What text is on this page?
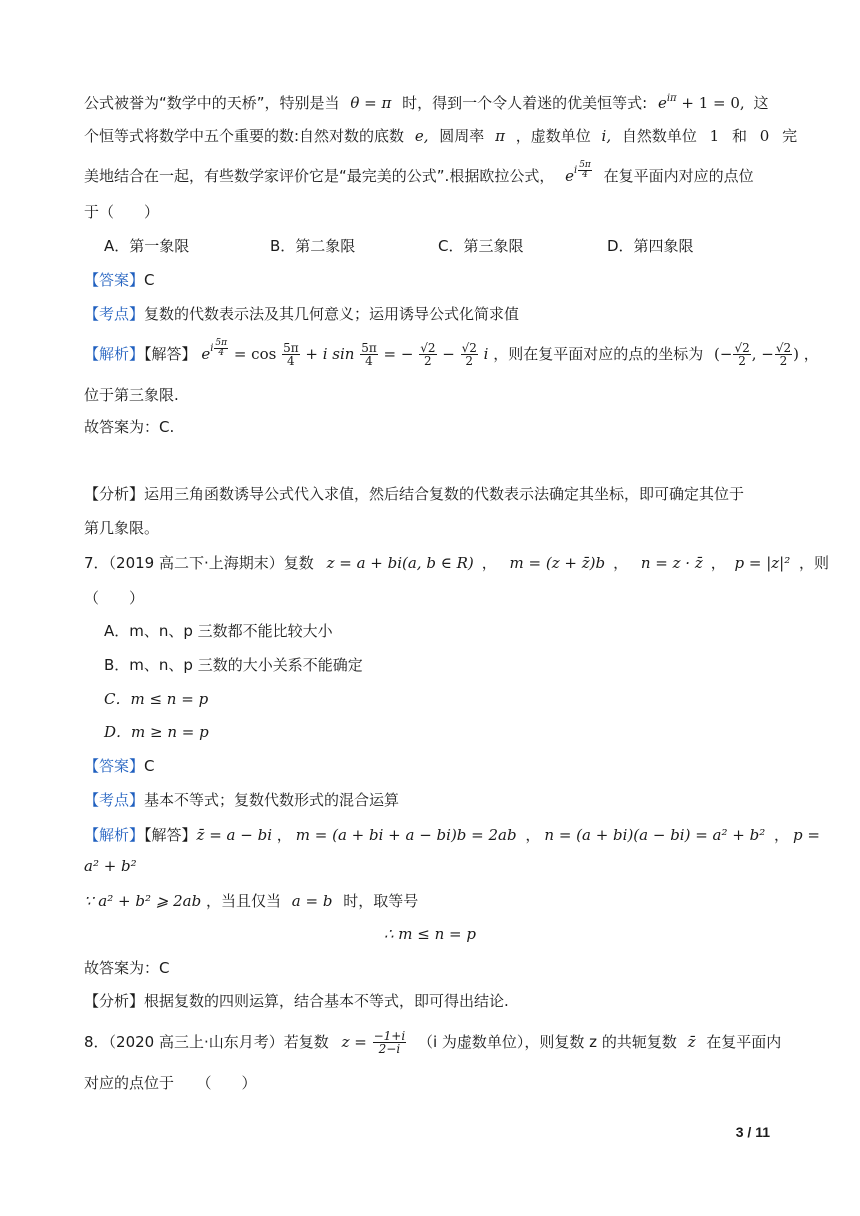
公式被誉为“数学中的天桥”，特别是当 θ = π 时，得到一个令人着迷的优美恒等式: $e^{i\pi} + 1 = 0$, 这
个恒等式将数学中五个重要的数:自然对数的底数 e, 圆周率 π ，虚数单位 i, 自然数单位 1 和 0 完
美地结合在一起，有些数学家评价它是“最完美的公式”.根据欧拉公式， ei $\frac{5\pi}{4}$ 在复平面内对应的点位
于（　　）
A．第一象限	B．第二象限	C．第三象限	D．第四象限
【答案】C
【考点】复数的代数表示法及其几何意义；运用诱导公式化简求值
【解析】【解答】 ei $\frac{5\pi}{4} = \cos \frac{5\pi}{4} + i$ $\sin \frac{5\pi}{4}$ = − $\frac{√2}{2} - \frac{√2}{2}$ i ，则在复平面对应的点的坐标为 (− $\frac{√2}{2}$ , − $\frac{√2}{2}$ ) ，
位于第三象限.
故答案为：C.
【分析】运用三角函数诱导公式代入求值，然后结合复数的代数表示法确定其坐标，即可确定其位于
第几象限。
7．（2019 高二下·上海期末）复数 z = a + bi(a, b ∈ R) ， m = (z + z̄)b ， n = z · z̄ ， p = |z|² ，则
（　　）
A．m、n、p 三数都不能比较大小
B．m、n、p 三数的大小关系不能确定
C．m ≤ n = p
D．m ≥ n = p
【答案】C
【考点】基本不等式；复数代数形式的混合运算
【解析】【解答】z̄ = a − bi ， m = (a + bi + a − bi)b = 2ab ， n = (a + bi)(a − bi) = a² + b² ， p =
a² + b²
∵ a² + b² ⩾ 2ab ，当且仅当 a = b 时，取等号
∴ m ≤ n = p
故答案为：C
【分析】根据复数的四则运算，结合基本不等式，即可得出结论.
8．（2020 高三上·山东月考）若复数 $z = \frac{-1+i}{2-i} (i$ 为虚数单位），则复数 z 的共轭复数 z̄ 在复平面内
对应的点位于　　（　　）
3 / 11
